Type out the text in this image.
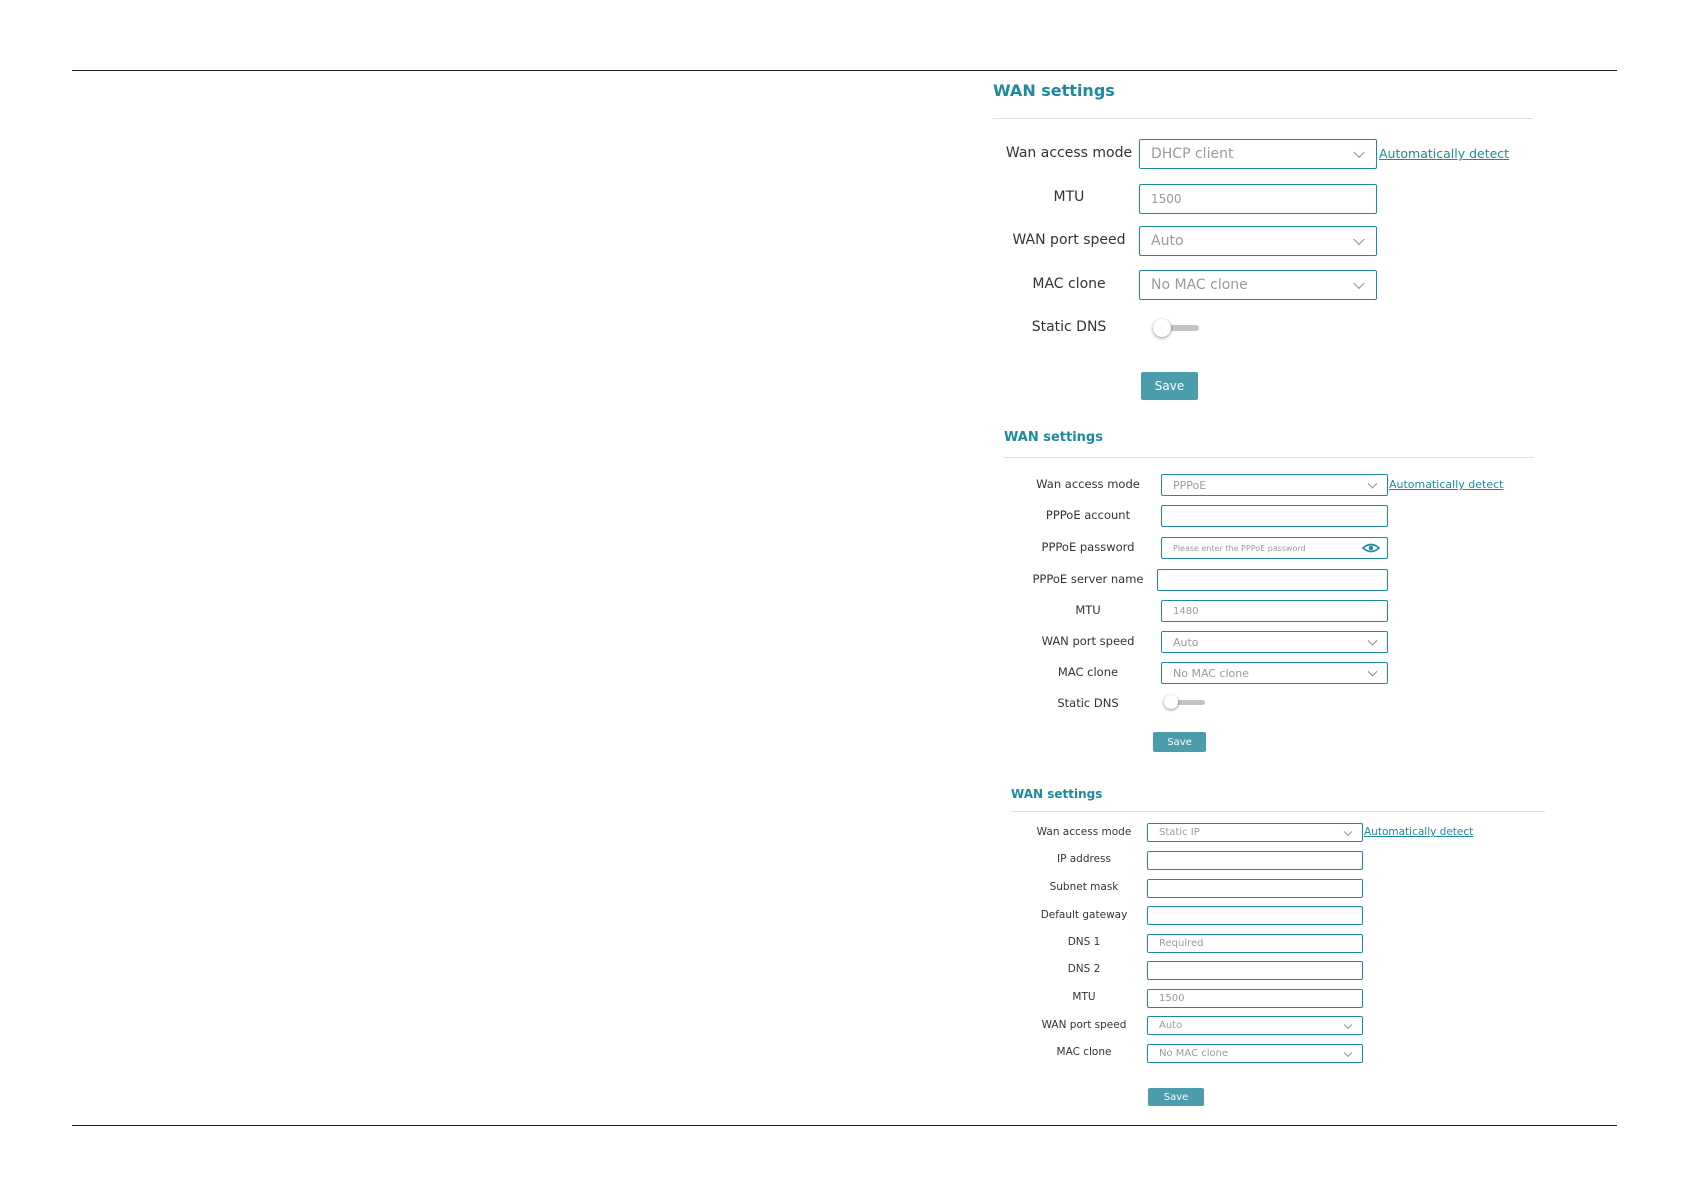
WAN settings
Wan access mode	DHCP client	Automatically detect
MTU	1500
WAN port speed	Auto
MAC clone	No MAC clone
Static DNS
Save
WAN settings
Wan access mode	PPPoE	Automatically detect
PPPoE account
PPPoE password	Please enter the PPPoE password
PPPoE server name
MTU	1480
WAN port speed	Auto
MAC clone	No MAC clone
Static DNS
Save
WAN settings
Wan access mode	Static IP	Automatically detect
IP address
Subnet mask
Default gateway
DNS 1	Required
DNS 2
MTU	1500
WAN port speed	Auto
MAC clone	No MAC clone
Save
